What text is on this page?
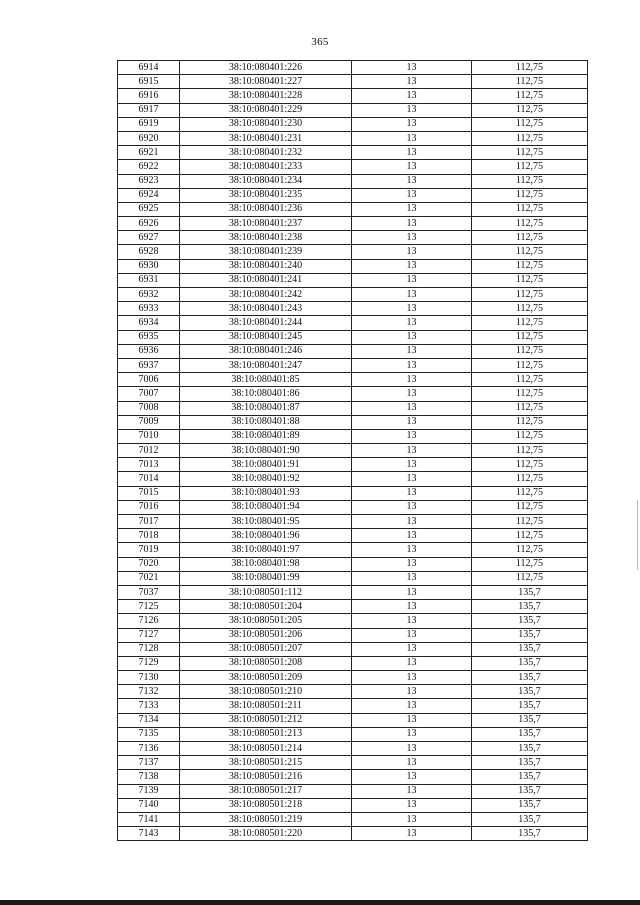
365
6914	38:10:080401:226	13	112,75
6915	38:10:080401:227	13	112,75
6916	38:10:080401:228	13	112,75
6917	38:10:080401:229	13	112,75
6919	38:10:080401:230	13	112,75
6920	38:10:080401:231	13	112,75
6921	38:10:080401:232	13	112,75
6922	38:10:080401:233	13	112,75
6923	38:10:080401:234	13	112,75
6924	38:10:080401:235	13	112,75
6925	38:10:080401:236	13	112,75
6926	38:10:080401:237	13	112,75
6927	38:10:080401:238	13	112,75
6928	38:10:080401:239	13	112,75
6930	38:10:080401:240	13	112,75
6931	38:10:080401:241	13	112,75
6932	38:10:080401:242	13	112,75
6933	38:10:080401:243	13	112,75
6934	38:10:080401:244	13	112,75
6935	38:10:080401:245	13	112,75
6936	38:10:080401:246	13	112,75
6937	38:10:080401:247	13	112,75
7006	38:10:080401:85	13	112,75
7007	38:10:080401:86	13	112,75
7008	38:10:080401:87	13	112,75
7009	38:10:080401:88	13	112,75
7010	38:10:080401:89	13	112,75
7012	38:10:080401:90	13	112,75
7013	38:10:080401:91	13	112,75
7014	38:10:080401:92	13	112,75
7015	38:10:080401:93	13	112,75
7016	38:10:080401:94	13	112,75
7017	38:10:080401:95	13	112,75
7018	38:10:080401:96	13	112,75
7019	38:10:080401:97	13	112,75
7020	38:10:080401:98	13	112,75
7021	38:10:080401:99	13	112,75
7037	38:10:080501:112	13	135,7
7125	38:10:080501:204	13	135,7
7126	38:10:080501:205	13	135,7
7127	38:10:080501:206	13	135,7
7128	38:10:080501:207	13	135,7
7129	38:10:080501:208	13	135,7
7130	38:10:080501:209	13	135,7
7132	38:10:080501:210	13	135,7
7133	38:10:080501:211	13	135,7
7134	38:10:080501:212	13	135,7
7135	38:10:080501:213	13	135,7
7136	38:10:080501:214	13	135,7
7137	38:10:080501:215	13	135,7
7138	38:10:080501:216	13	135,7
7139	38:10:080501:217	13	135,7
7140	38:10:080501:218	13	135,7
7141	38:10:080501:219	13	135,7
7143	38:10:080501:220	13	135,7
